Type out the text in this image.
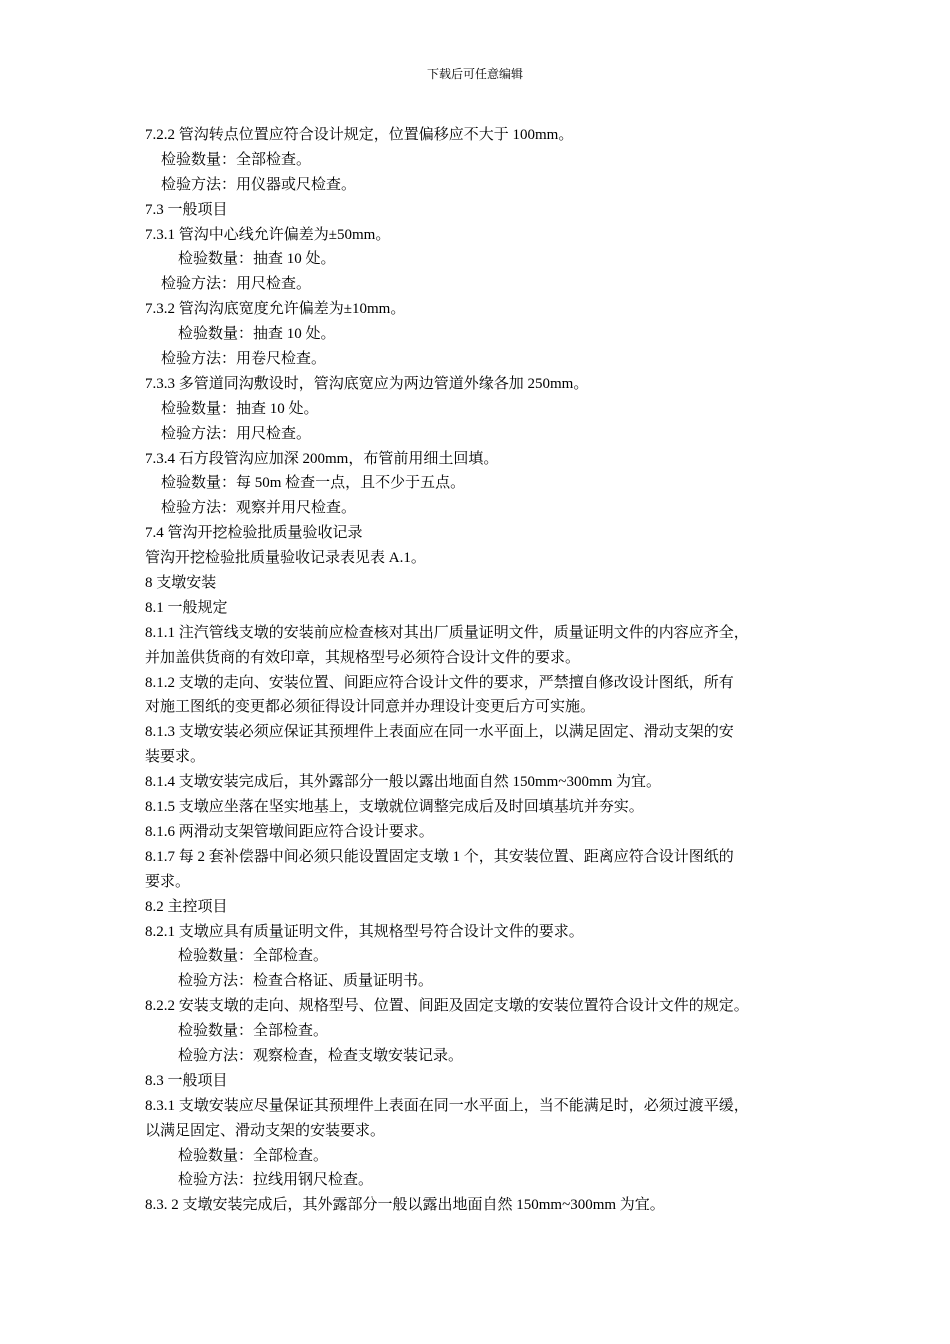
下载后可任意编辑
7.2.2 管沟转点位置应符合设计规定，位置偏移应不大于 100mm。
检验数量：全部检查。
检验方法：用仪器或尺检查。
7.3 一般项目
7.3.1 管沟中心线允许偏差为±50mm。
检验数量：抽查 10 处。
检验方法：用尺检查。
7.3.2 管沟沟底宽度允许偏差为±10mm。
检验数量：抽查 10 处。
检验方法：用卷尺检查。
7.3.3 多管道同沟敷设时，管沟底宽应为两边管道外缘各加 250mm。
检验数量：抽查 10 处。
检验方法：用尺检查。
7.3.4 石方段管沟应加深 200mm，布管前用细土回填。
检验数量：每 50m 检查一点，且不少于五点。
检验方法：观察并用尺检查。
7.4 管沟开挖检验批质量验收记录
管沟开挖检验批质量验收记录表见表 A.1。
8 支墩安装
8.1 一般规定
8.1.1 注汽管线支墩的安装前应检查核对其出厂质量证明文件，质量证明文件的内容应齐全，
并加盖供货商的有效印章，其规格型号必须符合设计文件的要求。
8.1.2 支墩的走向、安装位置、间距应符合设计文件的要求，严禁擅自修改设计图纸，所有
对施工图纸的变更都必须征得设计同意并办理设计变更后方可实施。
8.1.3 支墩安装必须应保证其预埋件上表面应在同一水平面上，以满足固定、滑动支架的安
装要求。
8.1.4 支墩安装完成后，其外露部分一般以露出地面自然 150mm~300mm 为宜。
8.1.5 支墩应坐落在坚实地基上，支墩就位调整完成后及时回填基坑并夯实。
8.1.6 两滑动支架管墩间距应符合设计要求。
8.1.7 每 2 套补偿器中间必须只能设置固定支墩 1 个，其安装位置、距离应符合设计图纸的
要求。
8.2 主控项目
8.2.1 支墩应具有质量证明文件，其规格型号符合设计文件的要求。
检验数量：全部检查。
检验方法：检查合格证、质量证明书。
8.2.2 安装支墩的走向、规格型号、位置、间距及固定支墩的安装位置符合设计文件的规定。
检验数量：全部检查。
检验方法：观察检查，检查支墩安装记录。
8.3 一般项目
8.3.1 支墩安装应尽量保证其预埋件上表面在同一水平面上，当不能满足时，必须过渡平缓，
以满足固定、滑动支架的安装要求。
检验数量：全部检查。
检验方法：拉线用钢尺检查。
8.3. 2 支墩安装完成后，其外露部分一般以露出地面自然 150mm~300mm 为宜。
